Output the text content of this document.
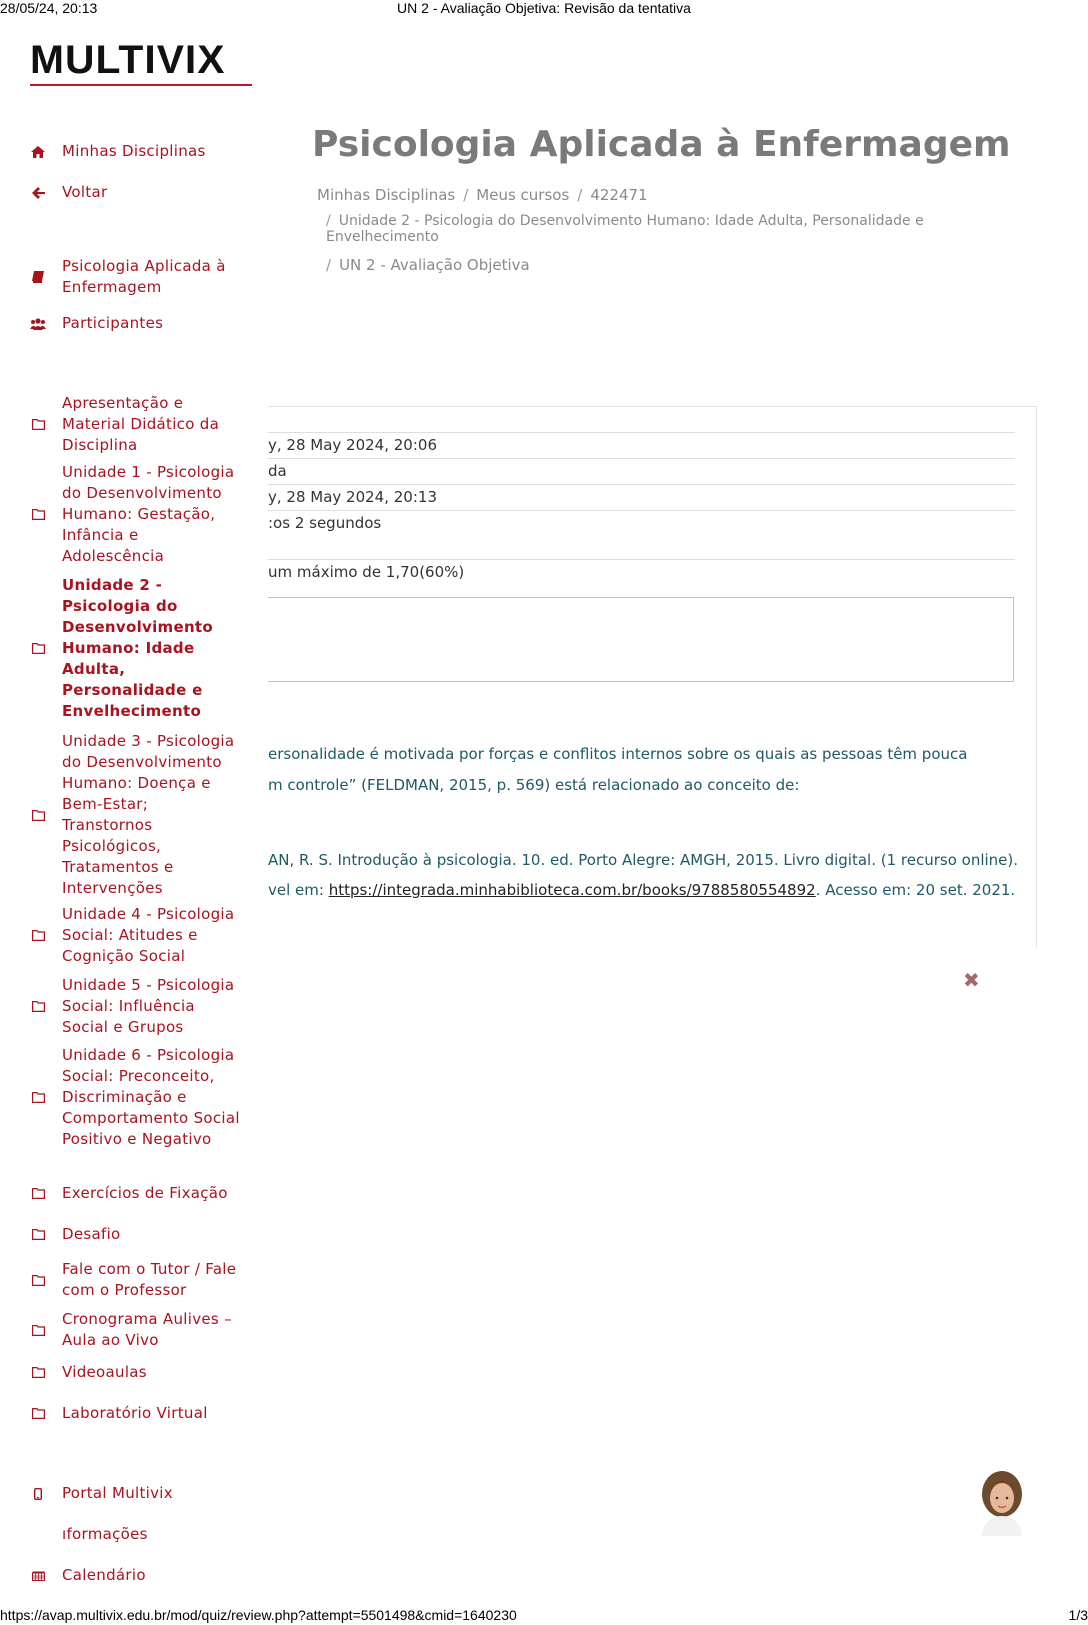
28/05/24, 20:13	UN 2 - Avaliação Objetiva: Revisão da tentativa
MULTIVIX
Minhas Disciplinas
Voltar
Psicologia Aplicada à Enfermagem
Participantes
Apresentação e Material Didático da Disciplina
Unidade 1 - Psicologia do Desenvolvimento Humano: Gestação, Infância e Adolescência
Unidade 2 - Psicologia do Desenvolvimento Humano: Idade Adulta, Personalidade e Envelhecimento
Unidade 3 - Psicologia do Desenvolvimento Humano: Doença e Bem-Estar; Transtornos Psicológicos, Tratamentos e Intervenções
Unidade 4 - Psicologia Social: Atitudes e Cognição Social
Unidade 5 - Psicologia Social: Influência Social e Grupos
Unidade 6 - Psicologia Social: Preconceito, Discriminação e Comportamento Social Positivo e Negativo
Exercícios de Fixação
Desafio
Fale com o Tutor / Fale com o Professor
Cronograma Aulives – Aula ao Vivo
Videoaulas
Laboratório Virtual
Portal Multivix
ıformações
Calendário
Psicologia Aplicada à Enfermagem
Minhas Disciplinas / Meus cursos / 422471
/ Unidade 2 - Psicologia do Desenvolvimento Humano: Idade Adulta, Personalidade e
Envelhecimento
/ UN 2 - Avaliação Objetiva
y, 28 May 2024, 20:06
da
y, 28 May 2024, 20:13
:os 2 segundos
um máximo de 1,70(60%)
ersonalidade é motivada por forças e conflitos internos sobre os quais as pessoas têm pouca
m controle” (FELDMAN, 2015, p. 569) está relacionado ao conceito de:
AN, R. S. Introdução à psicologia. 10. ed. Porto Alegre: AMGH, 2015. Livro digital. (1 recurso online).
vel em: https://integrada.minhabiblioteca.com.br/books/9788580554892. Acesso em: 20 set. 2021.
✖
https://avap.multivix.edu.br/mod/quiz/review.php?attempt=5501498&cmid=1640230	1/3
